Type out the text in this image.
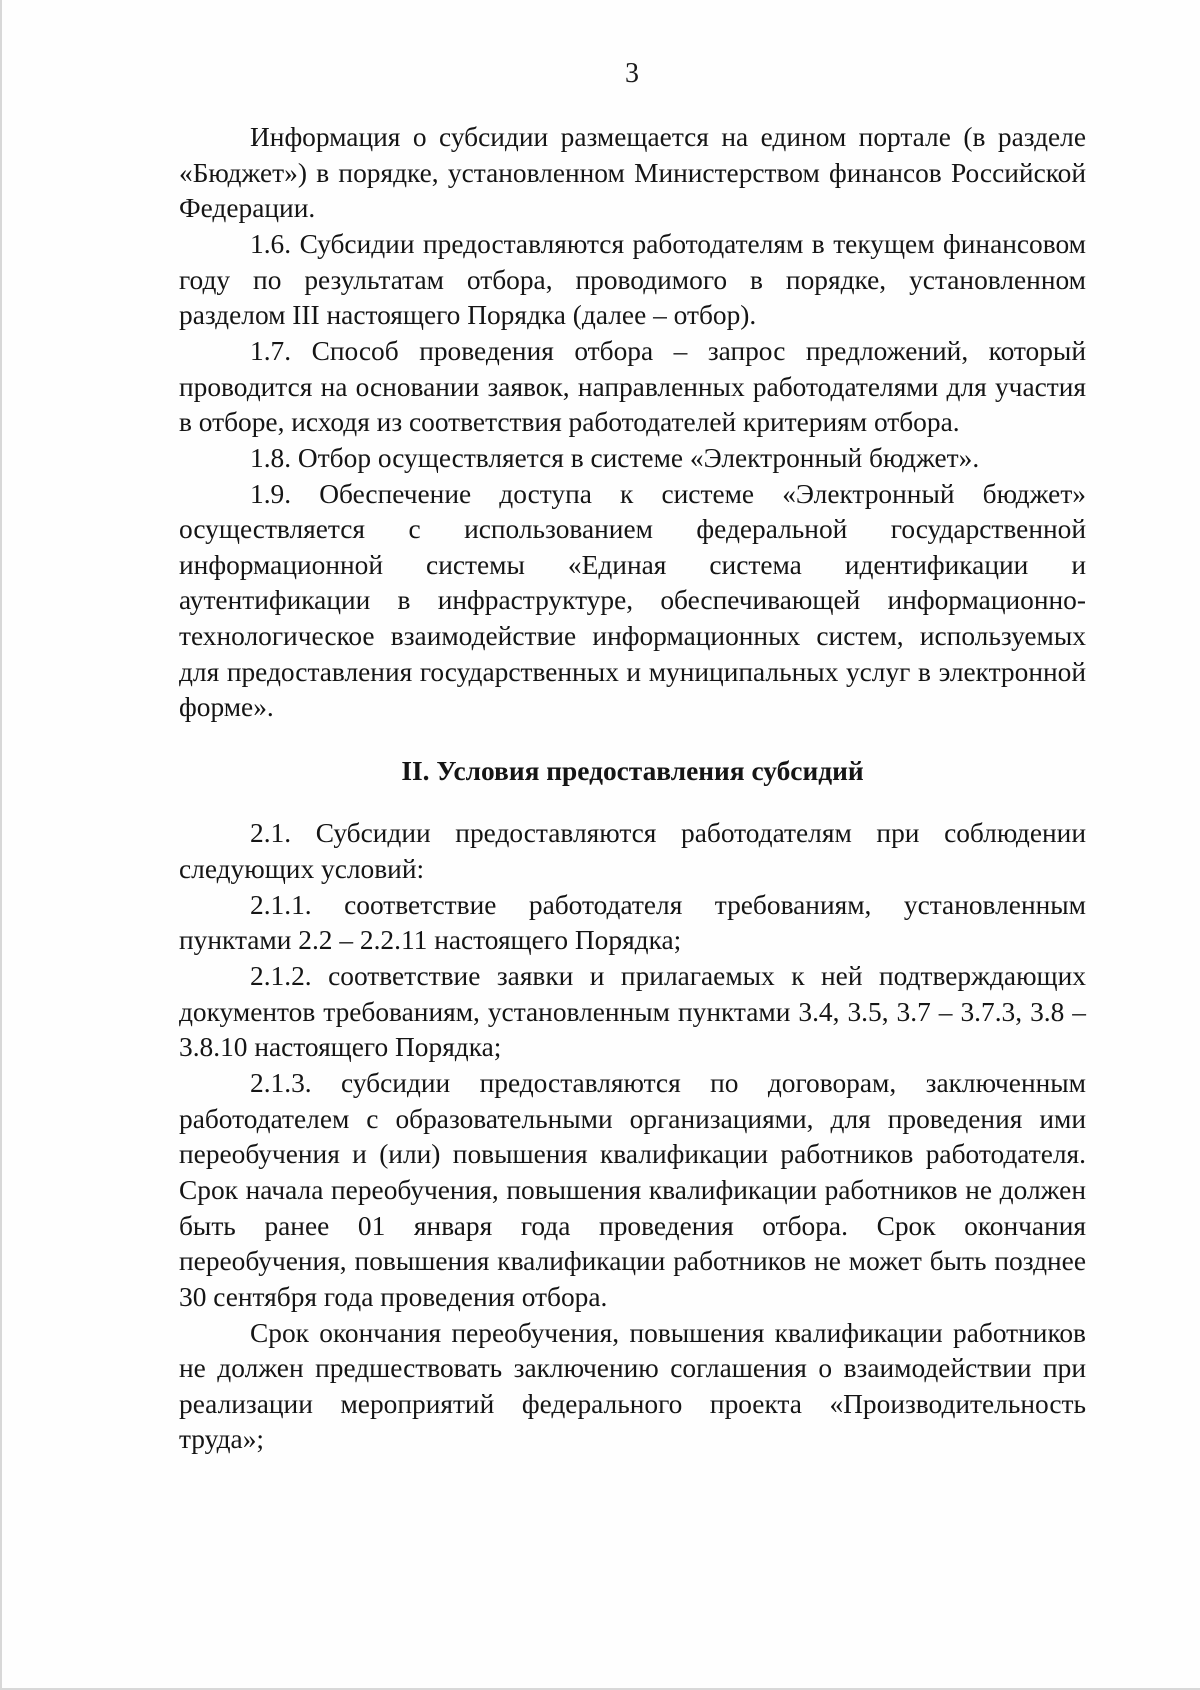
3

Информация о субсидии размещается на едином портале (в разделе «Бюджет») в порядке, установленном Министерством финансов Российской Федерации.

1.6. Субсидии предоставляются работодателям в текущем финансовом году по результатам отбора, проводимого в порядке, установленном разделом III настоящего Порядка (далее – отбор).

1.7. Способ проведения отбора – запрос предложений, который проводится на основании заявок, направленных работодателями для участия в отборе, исходя из соответствия работодателей критериям отбора.

1.8. Отбор осуществляется в системе «Электронный бюджет».

1.9. Обеспечение доступа к системе «Электронный бюджет» осуществляется с использованием федеральной государственной информационной системы «Единая система идентификации и аутентификации в инфраструктуре, обеспечивающей информационно-технологическое взаимодействие информационных систем, используемых для предоставления государственных и муниципальных услуг в электронной форме».

II. Условия предоставления субсидий

2.1. Субсидии предоставляются работодателям при соблюдении следующих условий:

2.1.1. соответствие работодателя требованиям, установленным пунктами 2.2 – 2.2.11 настоящего Порядка;

2.1.2. соответствие заявки и прилагаемых к ней подтверждающих документов требованиям, установленным пунктами 3.4, 3.5, 3.7 – 3.7.3, 3.8 – 3.8.10 настоящего Порядка;

2.1.3. субсидии предоставляются по договорам, заключенным работодателем с образовательными организациями, для проведения ими переобучения и (или) повышения квалификации работников работодателя. Срок начала переобучения, повышения квалификации работников не должен быть ранее 01 января года проведения отбора. Срок окончания переобучения, повышения квалификации работников не может быть позднее 30 сентября года проведения отбора.

Срок окончания переобучения, повышения квалификации работников не должен предшествовать заключению соглашения о взаимодействии при реализации мероприятий федерального проекта «Производительность труда»;
